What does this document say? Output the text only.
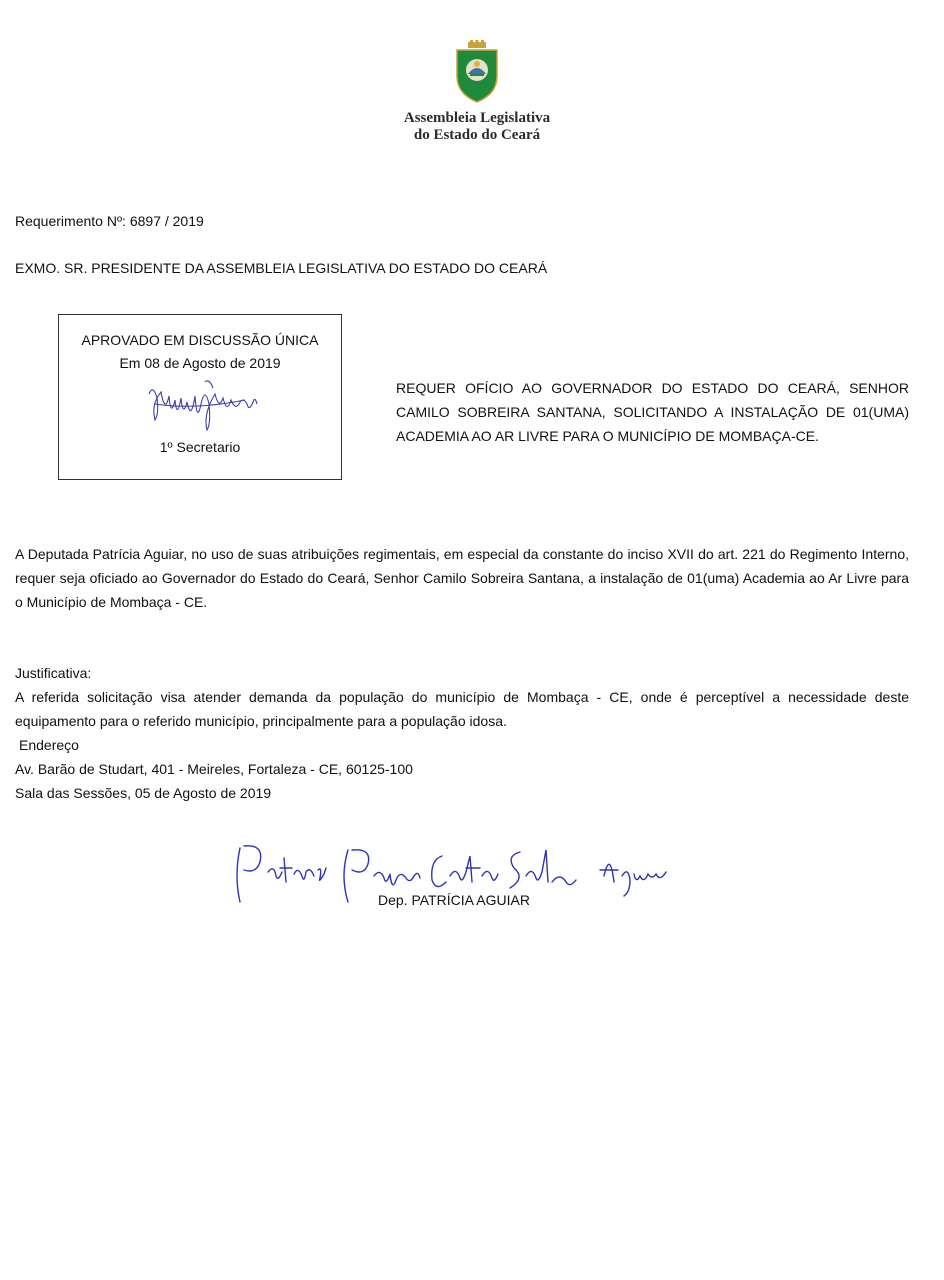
Assembleia Legislativa
do Estado do Ceará
Requerimento Nº: 6897 / 2019
EXMO. SR. PRESIDENTE DA ASSEMBLEIA LEGISLATIVA DO ESTADO DO CEARÁ
APROVADO EM DISCUSSÃO ÚNICA
Em 08 de Agosto de 2019
1º Secretario
REQUER OFÍCIO AO GOVERNADOR DO ESTADO DO CEARÁ, SENHOR CAMILO SOBREIRA SANTANA, SOLICITANDO A INSTALAÇÃO DE 01(UMA) ACADEMIA AO AR LIVRE PARA O MUNICÍPIO DE MOMBAÇA-CE.
A Deputada Patrícia Aguiar, no uso de suas atribuições regimentais, em especial da constante do inciso XVII do art. 221 do Regimento Interno, requer seja oficiado ao Governador do Estado do Ceará, Senhor Camilo Sobreira Santana, a instalação de 01(uma) Academia ao Ar Livre para o Município de Mombaça - CE.
Justificativa:
A referida solicitação visa atender demanda da população do município de Mombaça - CE, onde é perceptível a necessidade deste equipamento para o referido município, principalmente para a população idosa.
Endereço
Av. Barão de Studart, 401 - Meireles, Fortaleza - CE, 60125-100
Sala das Sessões, 05 de Agosto de 2019
Dep. PATRÍCIA AGUIAR
